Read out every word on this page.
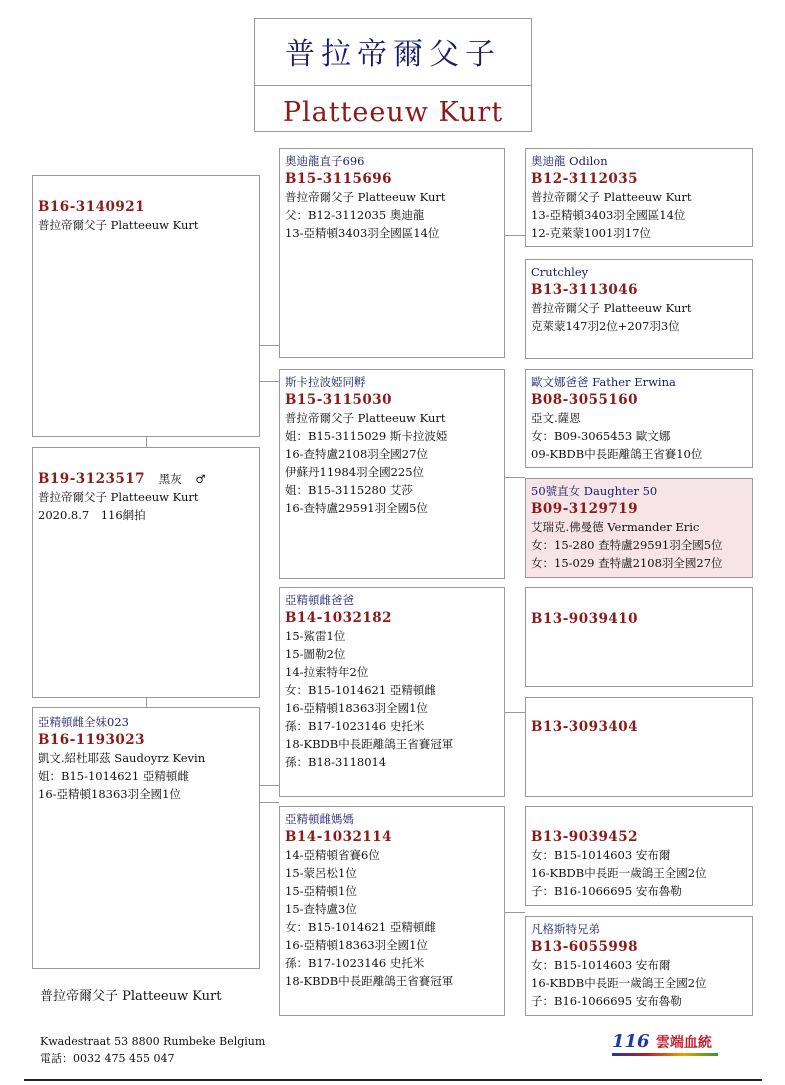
普拉帝爾父子
Platteeuw Kurt
B16-3140921
普拉帝爾父子 Platteeuw Kurt
B19-3123517 黑灰 ♂
普拉帝爾父子 Platteeuw Kurt
2020.8.7　116網拍
亞精頓雌全妹023
B16-1193023
凱文.紹杜耶茲 Saudoyrz Kevin
姐：B15-1014621 亞精頓雌
16-亞精頓18363羽全國1位
奧迪龍直子696
B15-3115696
普拉帝爾父子 Platteeuw Kurt
父：B12-3112035 奧迪龍
13-亞精頓3403羽全國區14位
斯卡拉波婭同孵
B15-3115030
普拉帝爾父子 Platteeuw Kurt
姐：B15-3115029 斯卡拉波婭
16-查特盧2108羽全國27位
伊蘇丹11984羽全國225位
姐：B15-3115280 艾莎
16-查特盧29591羽全國5位
亞精頓雌爸爸
B14-1032182
15-鯊雷1位
15-圖勒2位
14-拉索特年2位
女：B15-1014621 亞精頓雌
16-亞精頓18363羽全國1位
孫：B17-1023146 史托米
18-KBDB中長距離鴿王省賽冠軍
孫：B18-3118014
亞精頓雌媽媽
B14-1032114
14-亞精頓省賽6位
15-蒙呂松1位
15-亞精頓1位
15-查特盧3位
女：B15-1014621 亞精頓雌
16-亞精頓18363羽全國1位
孫：B17-1023146 史托米
18-KBDB中長距離鴿王省賽冠軍
奧迪龍 Odilon
B12-3112035
普拉帝爾父子 Platteeuw Kurt
13-亞精頓3403羽全國區14位
12-克萊蒙1001羽17位
Crutchley
B13-3113046
普拉帝爾父子 Platteeuw Kurt
克萊蒙147羽2位+207羽3位
歐文娜爸爸 Father Erwina
B08-3055160
亞文.薩恩
女：B09-3065453 歐文娜
09-KBDB中長距離鴿王省賽10位
50號直女 Daughter 50
B09-3129719
艾瑞克.佛曼德 Vermander Eric
女：15-280 查特盧29591羽全國5位
女：15-029 查特盧2108羽全國27位
B13-9039410
B13-3093404
B13-9039452
女：B15-1014603 安布爾
16-KBDB中長距一歲鴿王全國2位
子：B16-1066695 安布魯勒
凡格斯特兄弟
B13-6055998
女：B15-1014603 安布爾
16-KBDB中長距一歲鴿王全國2位
子：B16-1066695 安布魯勒
普拉帝爾父子 Platteeuw Kurt
Kwadestraat 53 8800 Rumbeke Belgium
電話：0032 475 455 047
116 雲端血統
